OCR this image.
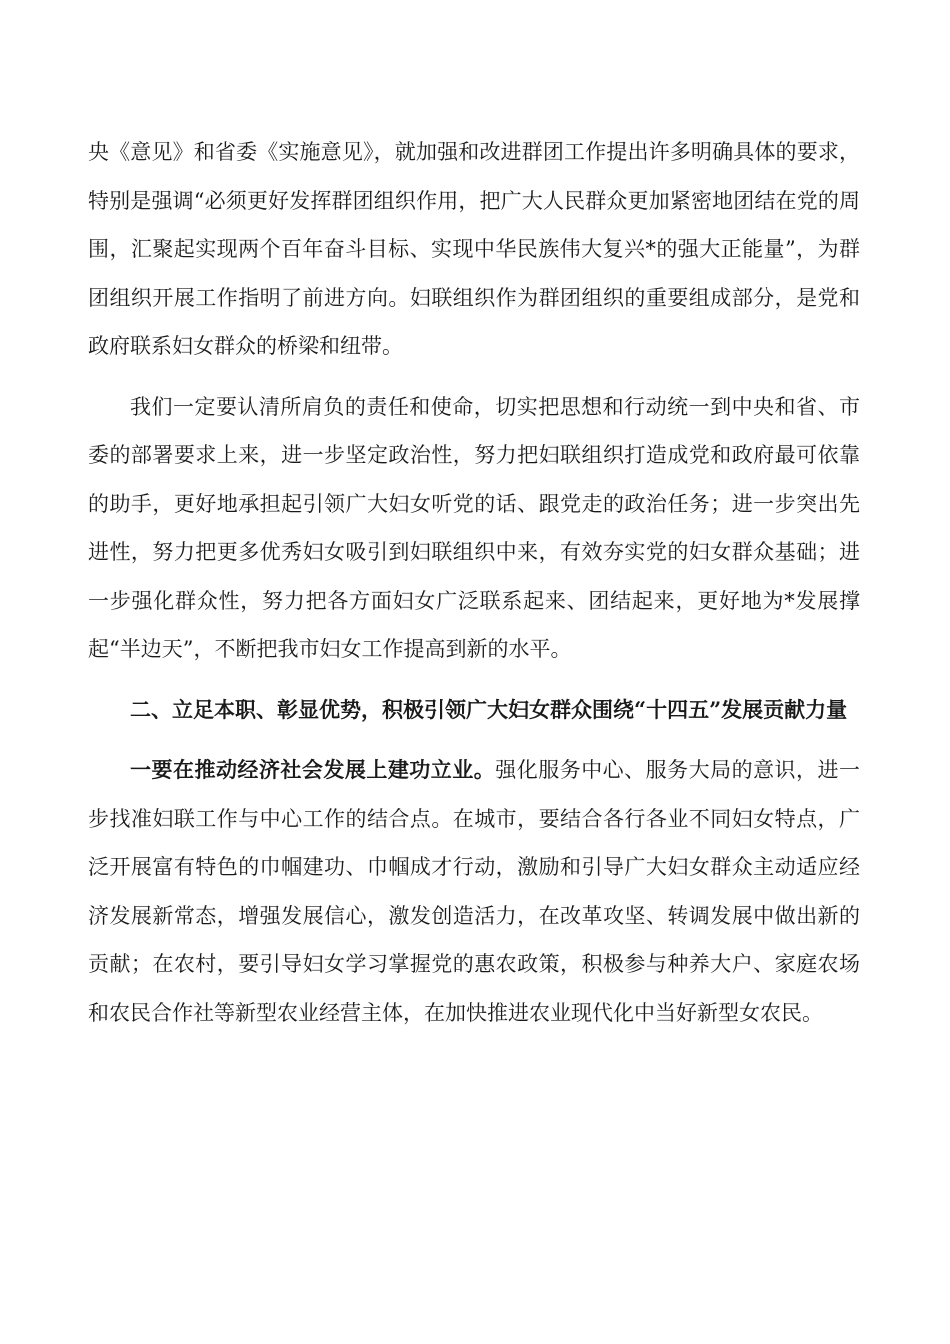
央《意见》和省委《实施意见》，就加强和改进群团工作提出许多明确具体的要求，特别是强调“必须更好发挥群团组织作用，把广大人民群众更加紧密地团结在党的周围，汇聚起实现两个百年奋斗目标、实现中华民族伟大复兴*的强大正能量”，为群团组织开展工作指明了前进方向。妇联组织作为群团组织的重要组成部分，是党和政府联系妇女群众的桥梁和纽带。

我们一定要认清所肩负的责任和使命，切实把思想和行动统一到中央和省、市委的部署要求上来，进一步坚定政治性，努力把妇联组织打造成党和政府最可依靠的助手，更好地承担起引领广大妇女听党的话、跟党走的政治任务；进一步突出先进性，努力把更多优秀妇女吸引到妇联组织中来，有效夯实党的妇女群众基础；进一步强化群众性，努力把各方面妇女广泛联系起来、团结起来，更好地为*发展撑起“半边天”，不断把我市妇女工作提高到新的水平。

二、立足本职、彰显优势，积极引领广大妇女群众围绕“十四五”发展贡献力量

一要在推动经济社会发展上建功立业。强化服务中心、服务大局的意识，进一步找准妇联工作与中心工作的结合点。在城市，要结合各行各业不同妇女特点，广泛开展富有特色的巾帼建功、巾帼成才行动，激励和引导广大妇女群众主动适应经济发展新常态，增强发展信心，激发创造活力，在改革攻坚、转调发展中做出新的贡献；在农村，要引导妇女学习掌握党的惠农政策，积极参与种养大户、家庭农场和农民合作社等新型农业经营主体，在加快推进农业现代化中当好新型女农民。
